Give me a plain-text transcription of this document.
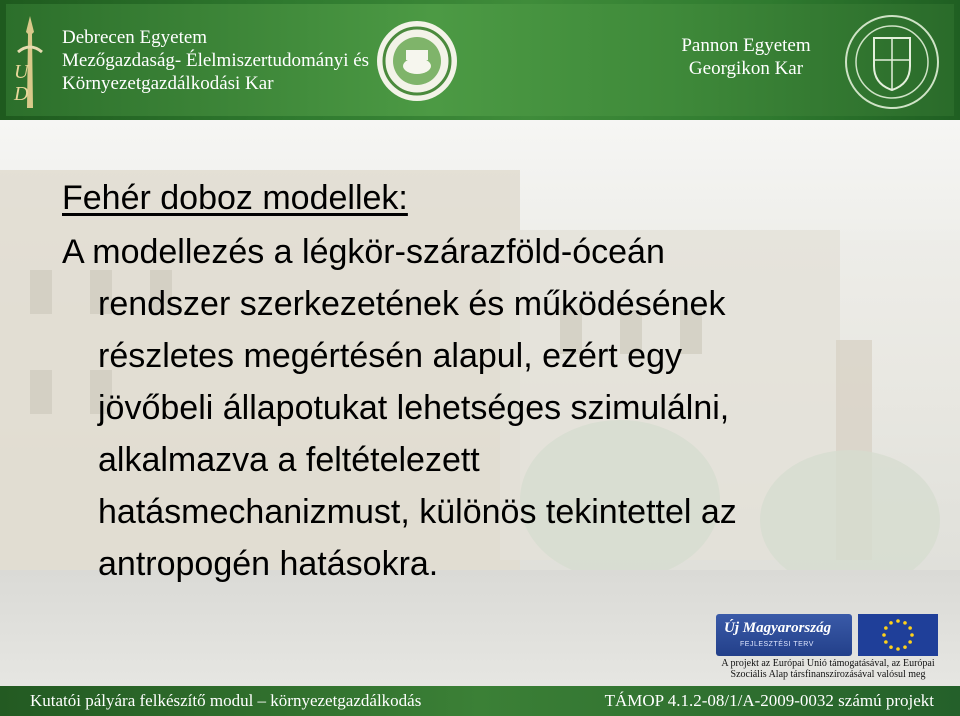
U
D
Debrecen Egyetem
Mezőgazdaság- Élelmiszertudományi és
Környezetgazdálkodási Kar
Pannon Egyetem
Georgikon Kar
Fehér doboz modellek:

A modellezés a légkör-szárazföld-óceán
rendszer szerkezetének és működésének
részletes megértésén alapul, ezért egy
jövőbeli állapotukat lehetséges szimulálni,
alkalmazva a feltételezett
hatásmechanizmust, különös tekintettel az
antropogén hatásokra.

Új Magyarország
FEJLESZTÉSI TERV
A projekt az Európai Unió támogatásával, az Európai
Szociális Alap társfinanszírozásával valósul meg
Kutatói pályára felkészítő modul – környezetgazdálkodás	TÁMOP 4.1.2-08/1/A-2009-0032 számú projekt
